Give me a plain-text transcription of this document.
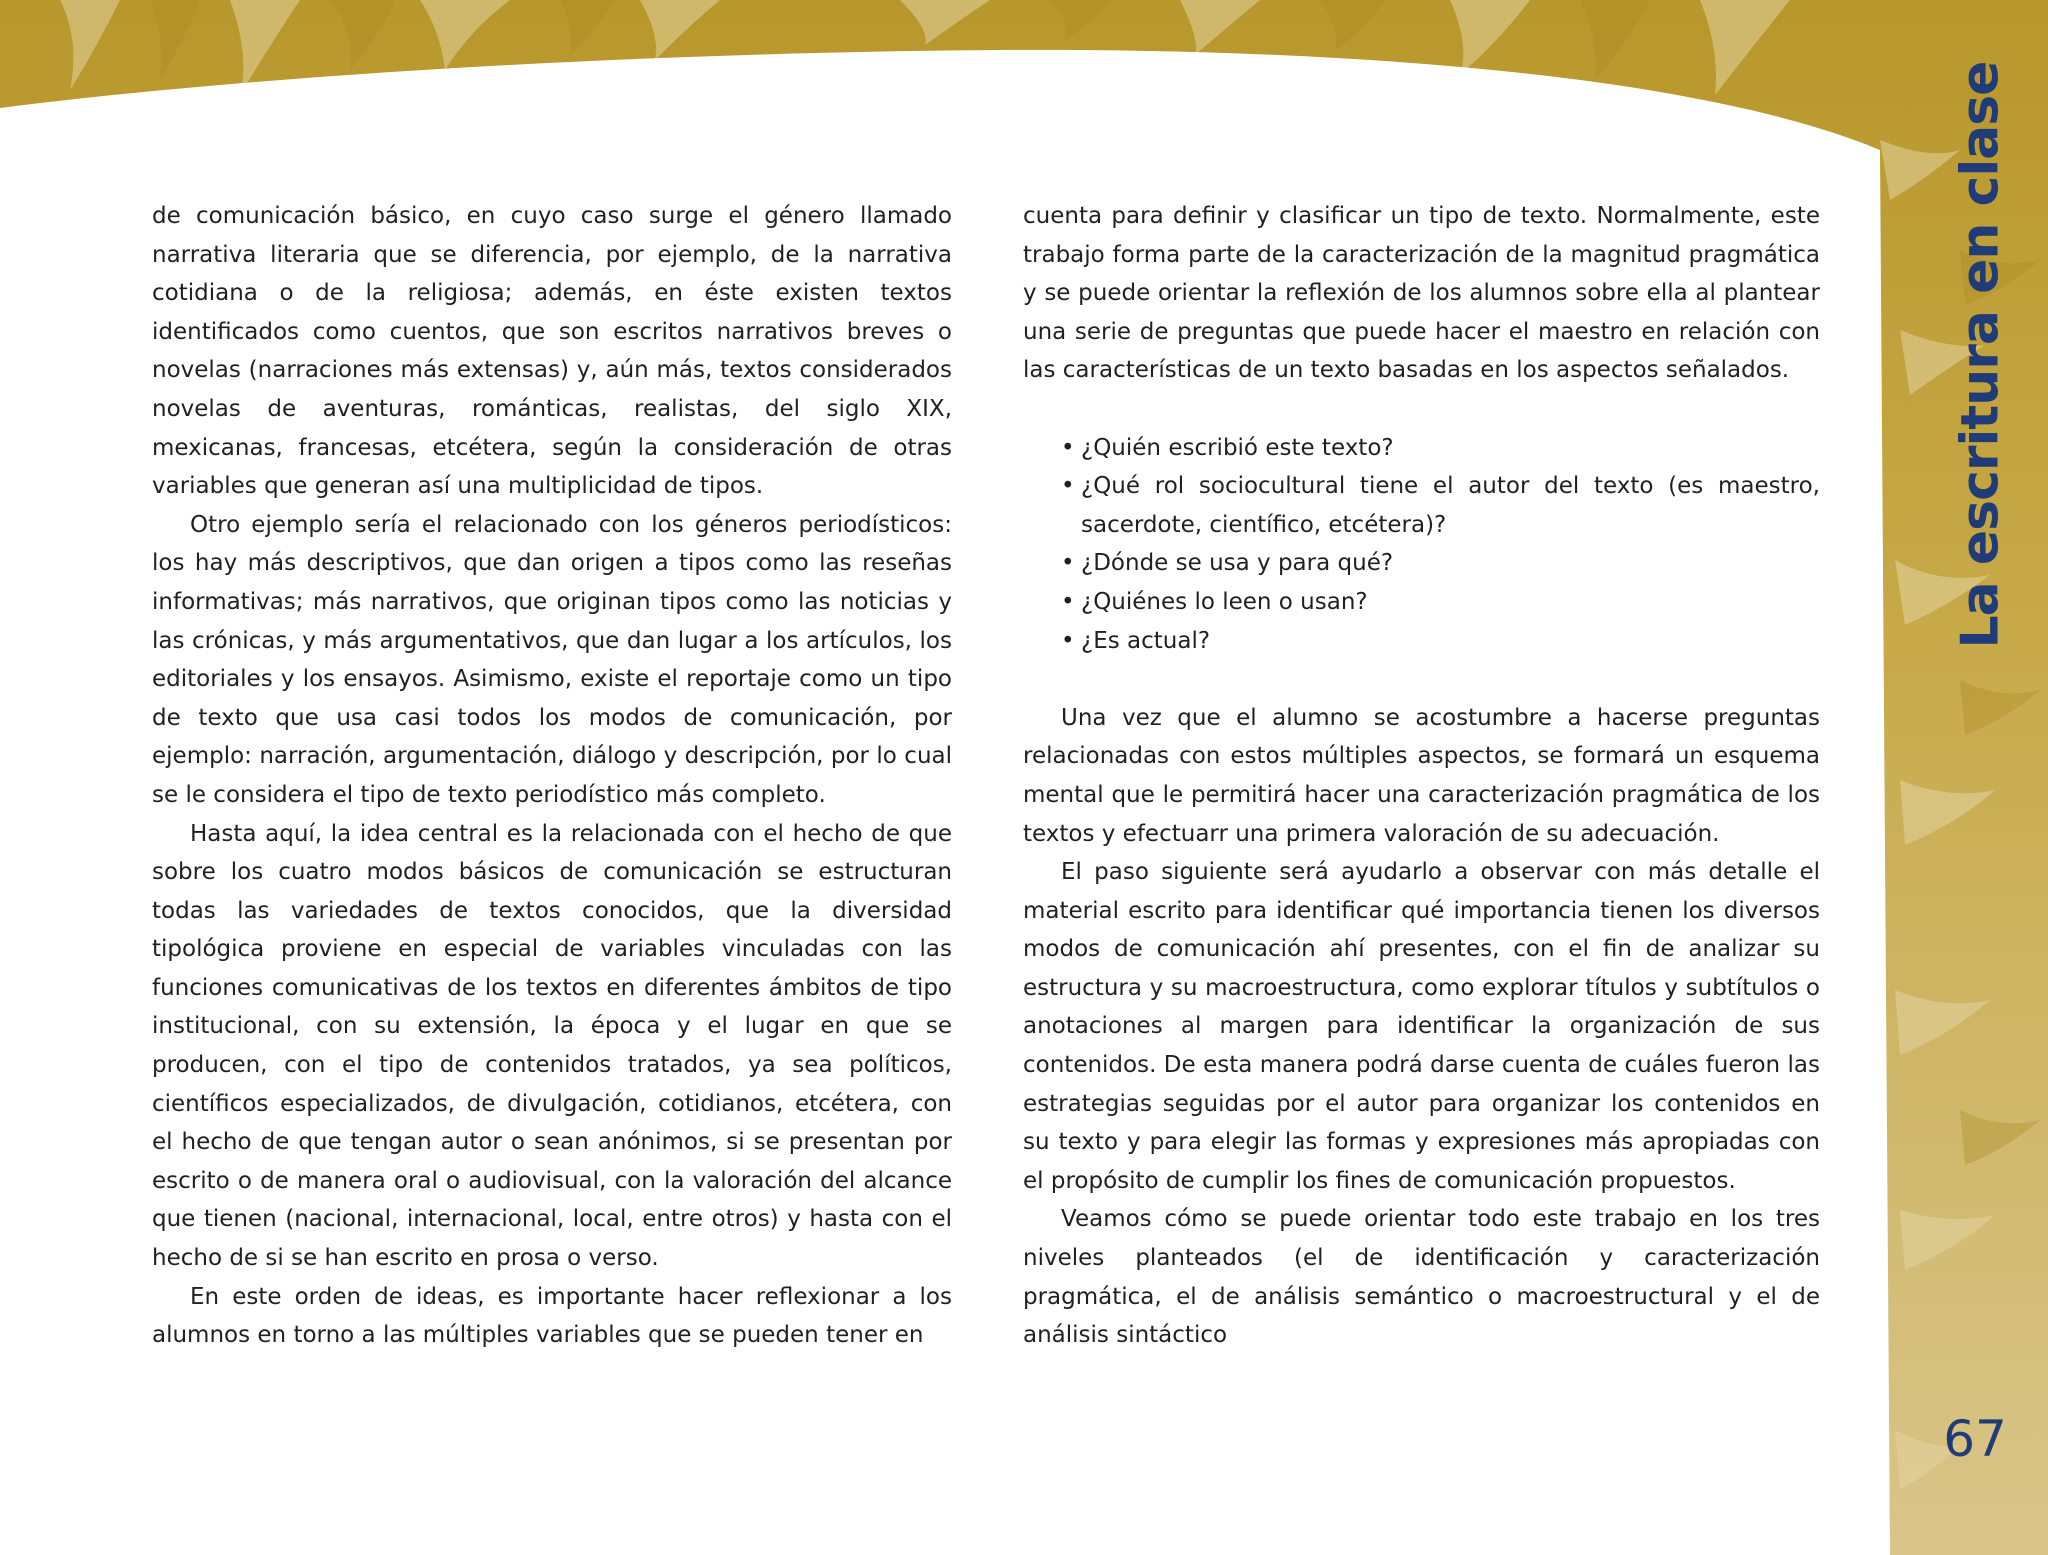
de comunicación básico, en cuyo caso surge el género llamado narrativa literaria que se diferencia, por ejemplo, de la narrativa cotidiana o de la religiosa; además, en éste existen textos identificados como cuentos, que son escritos narrativos breves o novelas (narraciones más extensas) y, aún más, textos considerados novelas de aventuras, románticas, realistas, del siglo XIX, mexicanas, francesas, etcétera, según la consideración de otras variables que generan así una multiplicidad de tipos.

Otro ejemplo sería el relacionado con los géneros periodísticos: los hay más descriptivos, que dan origen a tipos como las reseñas informativas; más narrativos, que originan tipos como las noticias y las crónicas, y más argumentativos, que dan lugar a los artículos, los editoriales y los ensayos. Asimismo, existe el reportaje como un tipo de texto que usa casi todos los modos de comunicación, por ejemplo: narración, argumentación, diálogo y descripción, por lo cual se le considera el tipo de texto periodístico más completo.

Hasta aquí, la idea central es la relacionada con el hecho de que sobre los cuatro modos básicos de comunicación se estructuran todas las variedades de textos conocidos, que la diversidad tipológica proviene en especial de variables vinculadas con las funciones comunicativas de los textos en diferentes ámbitos de tipo institucional, con su extensión, la época y el lugar en que se producen, con el tipo de contenidos tratados, ya sea políticos, científicos especializados, de divulgación, cotidianos, etcétera, con el hecho de que tengan autor o sean anónimos, si se presentan por escrito o de manera oral o audiovisual, con la valoración del alcance que tienen (nacional, internacional, local, entre otros) y hasta con el hecho de si se han escrito en prosa o verso.

En este orden de ideas, es importante hacer reflexionar a los alumnos en torno a las múltiples variables que se pueden tener en

cuenta para definir y clasificar un tipo de texto. Normalmente, este trabajo forma parte de la caracterización de la magnitud pragmática y se puede orientar la reflexión de los alumnos sobre ella al plantear una serie de preguntas que puede hacer el maestro en relación con las características de un texto basadas en los aspectos señalados.

• ¿Quién escribió este texto?
• ¿Qué rol sociocultural tiene el autor del texto (es maestro, sacerdote, científico, etcétera)?
• ¿Dónde se usa y para qué?
• ¿Quiénes lo leen o usan?
• ¿Es actual?

Una vez que el alumno se acostumbre a hacerse preguntas relacionadas con estos múltiples aspectos, se formará un esquema mental que le permitirá hacer una caracterización pragmática de los textos y efectuarr una primera valoración de su adecuación.

El paso siguiente será ayudarlo a observar con más detalle el material escrito para identificar qué importancia tienen los diversos modos de comunicación ahí presentes, con el fin de analizar su estructura y su macroestructura, como explorar títulos y subtítulos o anotaciones al margen para identificar la organización de sus contenidos. De esta manera podrá darse cuenta de cuáles fueron las estrategias seguidas por el autor para organizar los contenidos en su texto y para elegir las formas y expresiones más apropiadas con el propósito de cumplir los fines de comunicación propuestos.

Veamos cómo se puede orientar todo este trabajo en los tres niveles planteados (el de identificación y caracterización pragmática, el de análisis semántico o macroestructural y el de análisis sintáctico

La escritura en clase
67
